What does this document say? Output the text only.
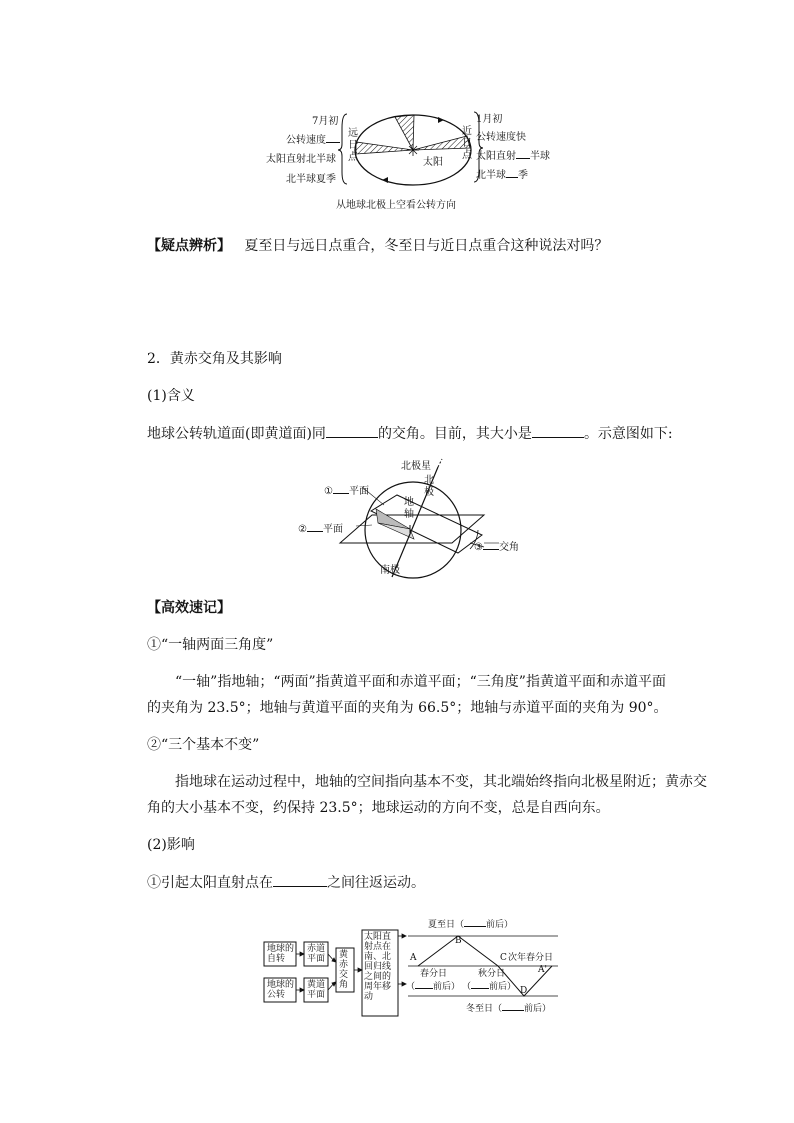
7月初
公转速度
太阳直射北半球
北半球夏季
远日点
近日点
太阳
1月初
公转速度快
太阳直射 半球
北半球 季
从地球北极上空看公转方向
【疑点辨析】 夏至日与远日点重合，冬至日与近日点重合这种说法对吗？
2．黄赤交角及其影响
(1)含义
地球公转轨道面(即黄道面)同	的交角。目前，其大小是	。示意图如下:
北极星
北极
地轴
南极
① 平面
② 平面
③ 交角
【高效速记】
①“一轴两面三角度”
“一轴”指地轴；“两面”指黄道平面和赤道平面；“三角度”指黄道平面和赤道平面
的夹角为 23.5°；地轴与黄道平面的夹角为 66.5°；地轴与赤道平面的夹角为 90°。
②“三个基本不变”
指地球在运动过程中，地轴的空间指向基本不变，其北端始终指向北极星附近；黄赤交
角的大小基本不变，约保持 23.5°；地球运动的方向不变，总是自西向东。
(2)影响
①引起太阳直射点在	之间往返运动。
地球的自转
赤道平面
地球的公转
黄道平面
黄赤交角
太阳直射点在南、北回归线之间的周年移动
夏至日（ 前后）
B
A	C 次年春分日
春分日	秋分日	A'
（ 前后） （ 前后） D
冬至日（ 前后）
